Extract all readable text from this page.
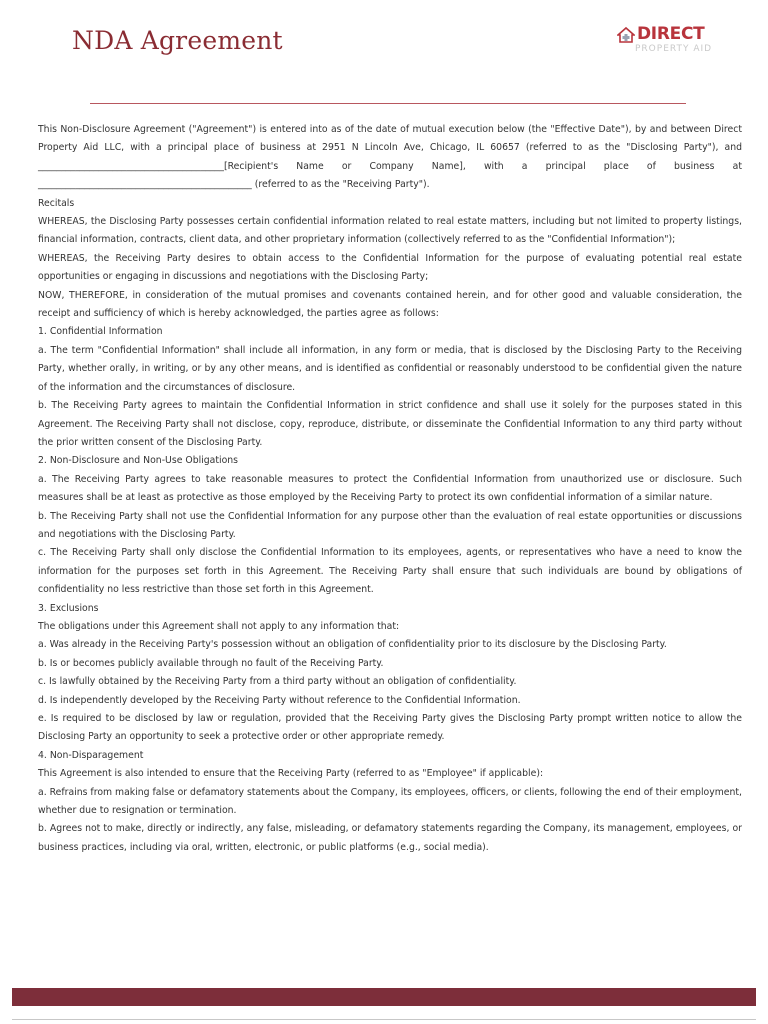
NDA Agreement	DIRECT
PROPERTY AID

This Non-Disclosure Agreement ("Agreement") is entered into as of the date of mutual execution below (the "Effective Date"), by and between Direct Property Aid LLC, with a principal place of business at 2951 N Lincoln Ave, Chicago, IL 60657 (referred to as the "Disclosing Party"), and ________________________________________[Recipient's Name or Company Name], with a principal place of business at ______________________________________________ (referred to as the "Receiving Party").

Recitals

WHEREAS, the Disclosing Party possesses certain confidential information related to real estate matters, including but not limited to property listings, financial information, contracts, client data, and other proprietary information (collectively referred to as the "Confidential Information");

WHEREAS, the Receiving Party desires to obtain access to the Confidential Information for the purpose of evaluating potential real estate opportunities or engaging in discussions and negotiations with the Disclosing Party;

NOW, THEREFORE, in consideration of the mutual promises and covenants contained herein, and for other good and valuable consideration, the receipt and sufficiency of which is hereby acknowledged, the parties agree as follows:

1. Confidential Information

a. The term "Confidential Information" shall include all information, in any form or media, that is disclosed by the Disclosing Party to the Receiving Party, whether orally, in writing, or by any other means, and is identified as confidential or reasonably understood to be confidential given the nature of the information and the circumstances of disclosure.

b. The Receiving Party agrees to maintain the Confidential Information in strict confidence and shall use it solely for the purposes stated in this Agreement. The Receiving Party shall not disclose, copy, reproduce, distribute, or disseminate the Confidential Information to any third party without the prior written consent of the Disclosing Party.

2. Non-Disclosure and Non-Use Obligations

a. The Receiving Party agrees to take reasonable measures to protect the Confidential Information from unauthorized use or disclosure. Such measures shall be at least as protective as those employed by the Receiving Party to protect its own confidential information of a similar nature.

b. The Receiving Party shall not use the Confidential Information for any purpose other than the evaluation of real estate opportunities or discussions and negotiations with the Disclosing Party.

c. The Receiving Party shall only disclose the Confidential Information to its employees, agents, or representatives who have a need to know the information for the purposes set forth in this Agreement. The Receiving Party shall ensure that such individuals are bound by obligations of confidentiality no less restrictive than those set forth in this Agreement.

3. Exclusions

The obligations under this Agreement shall not apply to any information that:

a. Was already in the Receiving Party's possession without an obligation of confidentiality prior to its disclosure by the Disclosing Party.

b. Is or becomes publicly available through no fault of the Receiving Party.

c. Is lawfully obtained by the Receiving Party from a third party without an obligation of confidentiality.

d. Is independently developed by the Receiving Party without reference to the Confidential Information.

e. Is required to be disclosed by law or regulation, provided that the Receiving Party gives the Disclosing Party prompt written notice to allow the Disclosing Party an opportunity to seek a protective order or other appropriate remedy.

4. Non-Disparagement

This Agreement is also intended to ensure that the Receiving Party (referred to as "Employee" if applicable):

a. Refrains from making false or defamatory statements about the Company, its employees, officers, or clients, following the end of their employment, whether due to resignation or termination.

b. Agrees not to make, directly or indirectly, any false, misleading, or defamatory statements regarding the Company, its management, employees, or business practices, including via oral, written, electronic, or public platforms (e.g., social media).
